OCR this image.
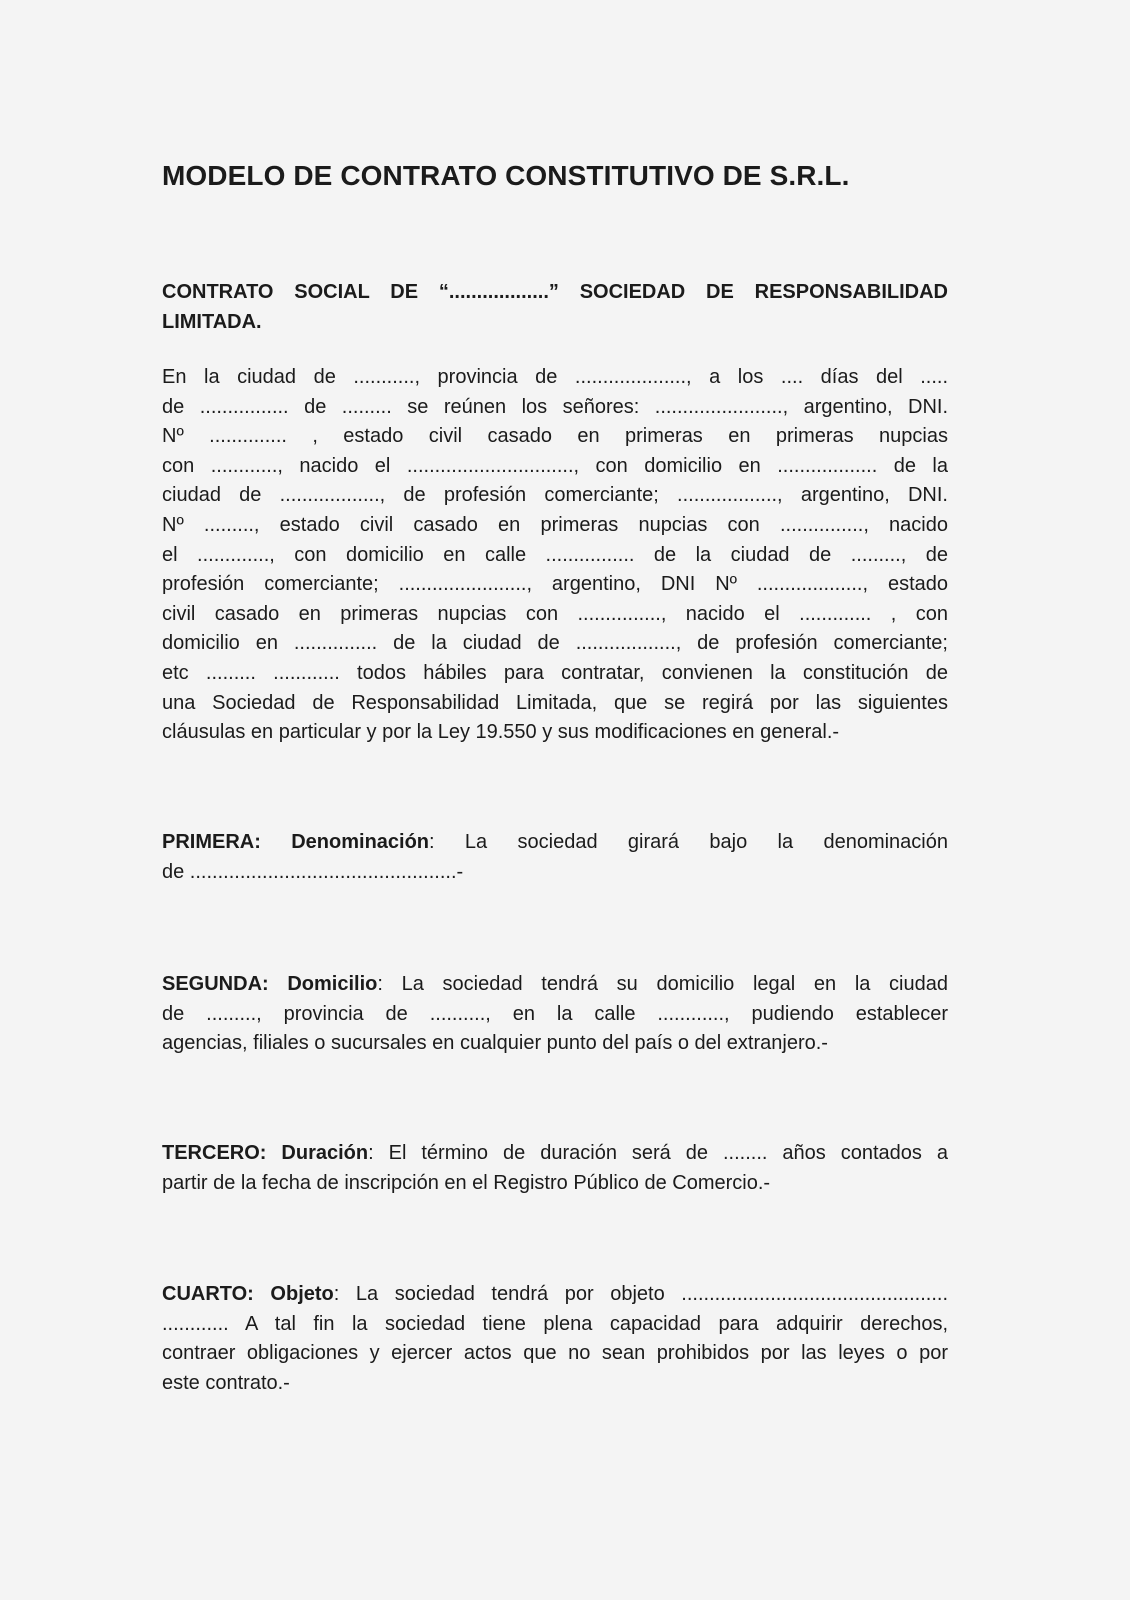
MODELO DE CONTRATO CONSTITUTIVO DE S.R.L.
CONTRATO SOCIAL DE “..................” SOCIEDAD DE RESPONSABILIDAD
LIMITADA.
En la ciudad de ..........., provincia de ...................., a los .... días del .....
de ................ de ......... se reúnen los señores: ......................., argentino, DNI.
Nº .............. , estado civil casado en primeras en primeras nupcias
con ............, nacido el .............................., con domicilio en .................. de la
ciudad de .................., de profesión comerciante; .................., argentino, DNI.
Nº ........., estado civil casado en primeras nupcias con ..............., nacido
el ............., con domicilio en calle ................ de la ciudad de ........., de
profesión comerciante; ......................., argentino, DNI Nº ..................., estado
civil casado en primeras nupcias con ..............., nacido el ............. , con
domicilio en ............... de la ciudad de .................., de profesión comerciante;
etc ......... ............ todos hábiles para contratar, convienen la constitución de
una Sociedad de Responsabilidad Limitada, que se regirá por las siguientes
cláusulas en particular y por la Ley 19.550 y sus modificaciones en general.-
PRIMERA: Denominación: La sociedad girará bajo la denominación
de ................................................-
SEGUNDA: Domicilio: La sociedad tendrá su domicilio legal en la ciudad
de ........., provincia de .........., en la calle ............, pudiendo establecer
agencias, filiales o sucursales en cualquier punto del país o del extranjero.-
TERCERO: Duración: El término de duración será de ........ años contados a
partir de la fecha de inscripción en el Registro Público de Comercio.-
CUARTO: Objeto: La sociedad tendrá por objeto ................................................
............ A tal fin la sociedad tiene plena capacidad para adquirir derechos,
contraer obligaciones y ejercer actos que no sean prohibidos por las leyes o por
este contrato.-
